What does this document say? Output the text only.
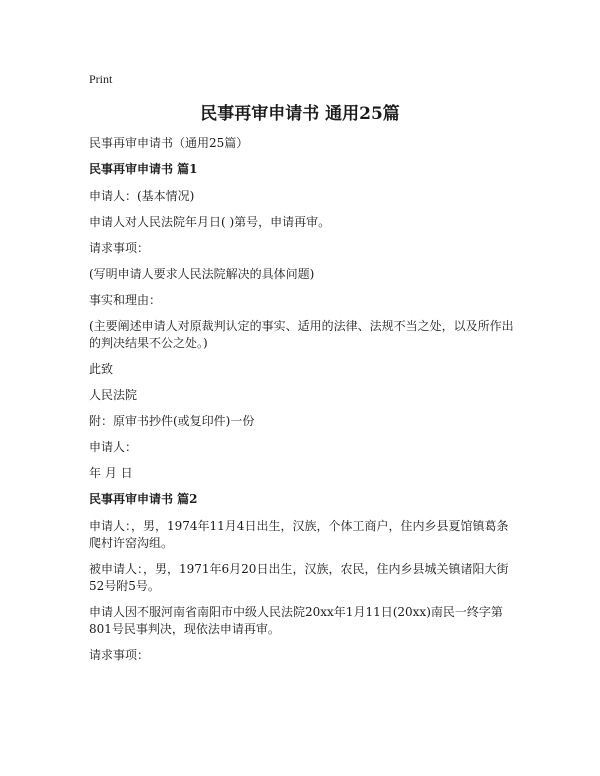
Print
民事再审申请书 通用25篇

民事再审申请书（通用25篇）

民事再审申请书 篇1

申请人：(基本情况)

申请人对人民法院年月日( )第号，申请再审。

请求事项：

(写明申请人要求人民法院解决的具体问题)

事实和理由：

(主要阐述申请人对原裁判认定的事实、适用的法律、法规不当之处，以及所作出的判决结果不公之处。)

此致

人民法院

附：原审书抄件(或复印件)一份

申请人：

年 月 日

民事再审申请书 篇2

申请人：，男，1974年11月4日出生，汉族，个体工商户，住内乡县夏馆镇葛条爬村许窑沟组。

被申请人：，男，1971年6月20日出生，汉族，农民，住内乡县城关镇诸阳大街52号附5号。

申请人因不服河南省南阳市中级人民法院20xx年1月11日(20xx)南民一终字第801号民事判决，现依法申请再审。

请求事项：
